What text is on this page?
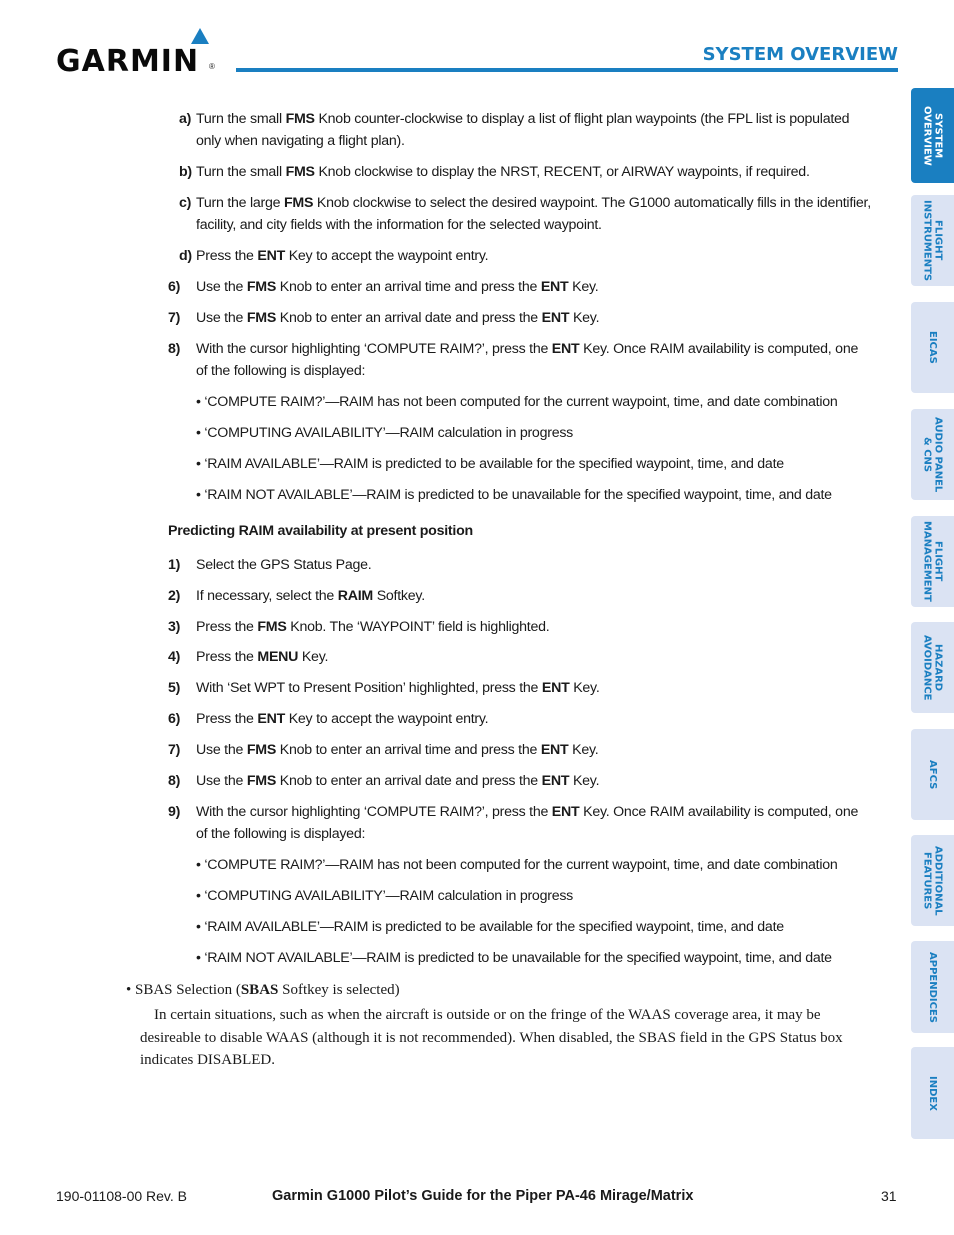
GARMIN ®
SYSTEM OVERVIEW
a) Turn the small FMS Knob counter-clockwise to display a list of flight plan waypoints (the FPL list is populated only when navigating a flight plan).
b) Turn the small FMS Knob clockwise to display the NRST, RECENT, or AIRWAY waypoints, if required.
c) Turn the large FMS Knob clockwise to select the desired waypoint. The G1000 automatically fills in the identifier, facility, and city fields with the information for the selected waypoint.
d) Press the ENT Key to accept the waypoint entry.
6) Use the FMS Knob to enter an arrival time and press the ENT Key.
7) Use the FMS Knob to enter an arrival date and press the ENT Key.
8) With the cursor highlighting ‘COMPUTE RAIM?’, press the ENT Key. Once RAIM availability is computed, one of the following is displayed:
• ‘COMPUTE RAIM?’—RAIM has not been computed for the current waypoint, time, and date combination
• ‘COMPUTING AVAILABILITY’—RAIM calculation in progress
• ‘RAIM AVAILABLE’—RAIM is predicted to be available for the specified waypoint, time, and date
• ‘RAIM NOT AVAILABLE’—RAIM is predicted to be unavailable for the specified waypoint, time, and date
Predicting RAIM availability at present position
1) Select the GPS Status Page.
2) If necessary, select the RAIM Softkey.
3) Press the FMS Knob. The ‘WAYPOINT’ field is highlighted.
4) Press the MENU Key.
5) With ‘Set WPT to Present Position’ highlighted, press the ENT Key.
6) Press the ENT Key to accept the waypoint entry.
7) Use the FMS Knob to enter an arrival time and press the ENT Key.
8) Use the FMS Knob to enter an arrival date and press the ENT Key.
9) With the cursor highlighting ‘COMPUTE RAIM?’, press the ENT Key. Once RAIM availability is computed, one of the following is displayed:
• ‘COMPUTE RAIM?’—RAIM has not been computed for the current waypoint, time, and date combination
• ‘COMPUTING AVAILABILITY’—RAIM calculation in progress
• ‘RAIM AVAILABLE’—RAIM is predicted to be available for the specified waypoint, time, and date
• ‘RAIM NOT AVAILABLE’—RAIM is predicted to be unavailable for the specified waypoint, time, and date
• SBAS Selection (SBAS Softkey is selected)
In certain situations, such as when the aircraft is outside or on the fringe of the WAAS coverage area, it may be desireable to disable WAAS (although it is not recommended). When disabled, the SBAS field in the GPS Status box indicates DISABLED.
SYSTEM
OVERVIEW
FLIGHT
INSTRUMENTS
EICAS
AUDIO PANEL
& CNS
FLIGHT
MANAGEMENT
HAZARD
AVOIDANCE
AFCS
ADDITIONAL
FEATURES
APPENDICES
INDEX
190-01108-00 Rev. B	Garmin G1000 Pilot’s Guide for the Piper PA-46 Mirage/Matrix	31
